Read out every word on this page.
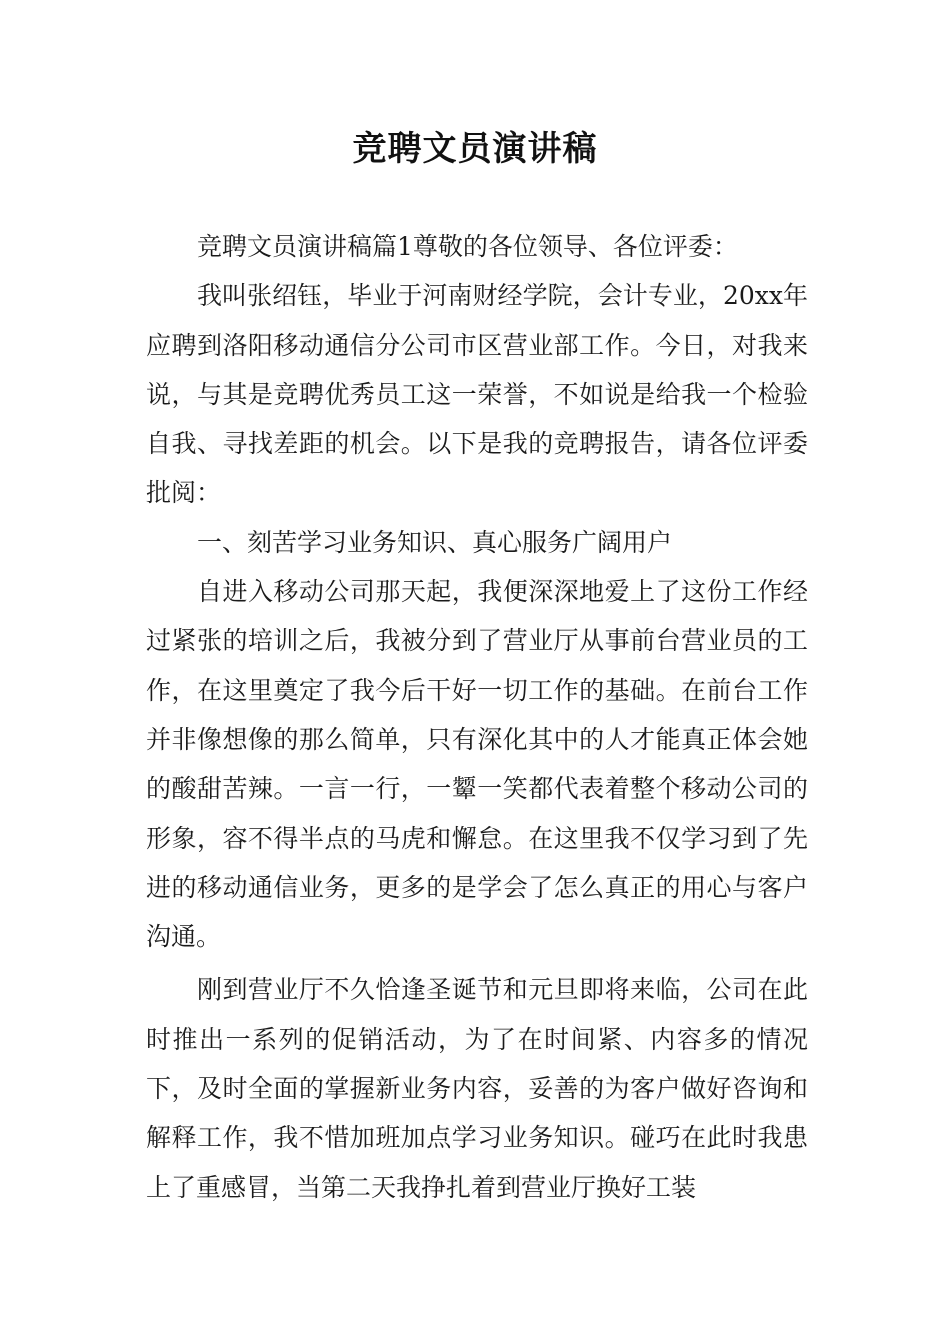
竞聘文员演讲稿

竞聘文员演讲稿篇1尊敬的各位领导、各位评委：

我叫张绍钰，毕业于河南财经学院，会计专业，20xx年应聘到洛阳移动通信分公司市区营业部工作。今日，对我来说，与其是竞聘优秀员工这一荣誉，不如说是给我一个检验自我、寻找差距的机会。以下是我的竞聘报告，请各位评委批阅：

一、刻苦学习业务知识、真心服务广阔用户

自进入移动公司那天起，我便深深地爱上了这份工作经过紧张的培训之后，我被分到了营业厅从事前台营业员的工作，在这里奠定了我今后干好一切工作的基础。在前台工作并非像想像的那么简单，只有深化其中的人才能真正体会她的酸甜苦辣。一言一行，一颦一笑都代表着整个移动公司的形象，容不得半点的马虎和懈怠。在这里我不仅学习到了先进的移动通信业务，更多的是学会了怎么真正的用心与客户沟通。

刚到营业厅不久恰逢圣诞节和元旦即将来临，公司在此时推出一系列的促销活动，为了在时间紧、内容多的情况下，及时全面的掌握新业务内容，妥善的为客户做好咨询和解释工作，我不惜加班加点学习业务知识。碰巧在此时我患上了重感冒，当第二天我挣扎着到营业厅换好工装
